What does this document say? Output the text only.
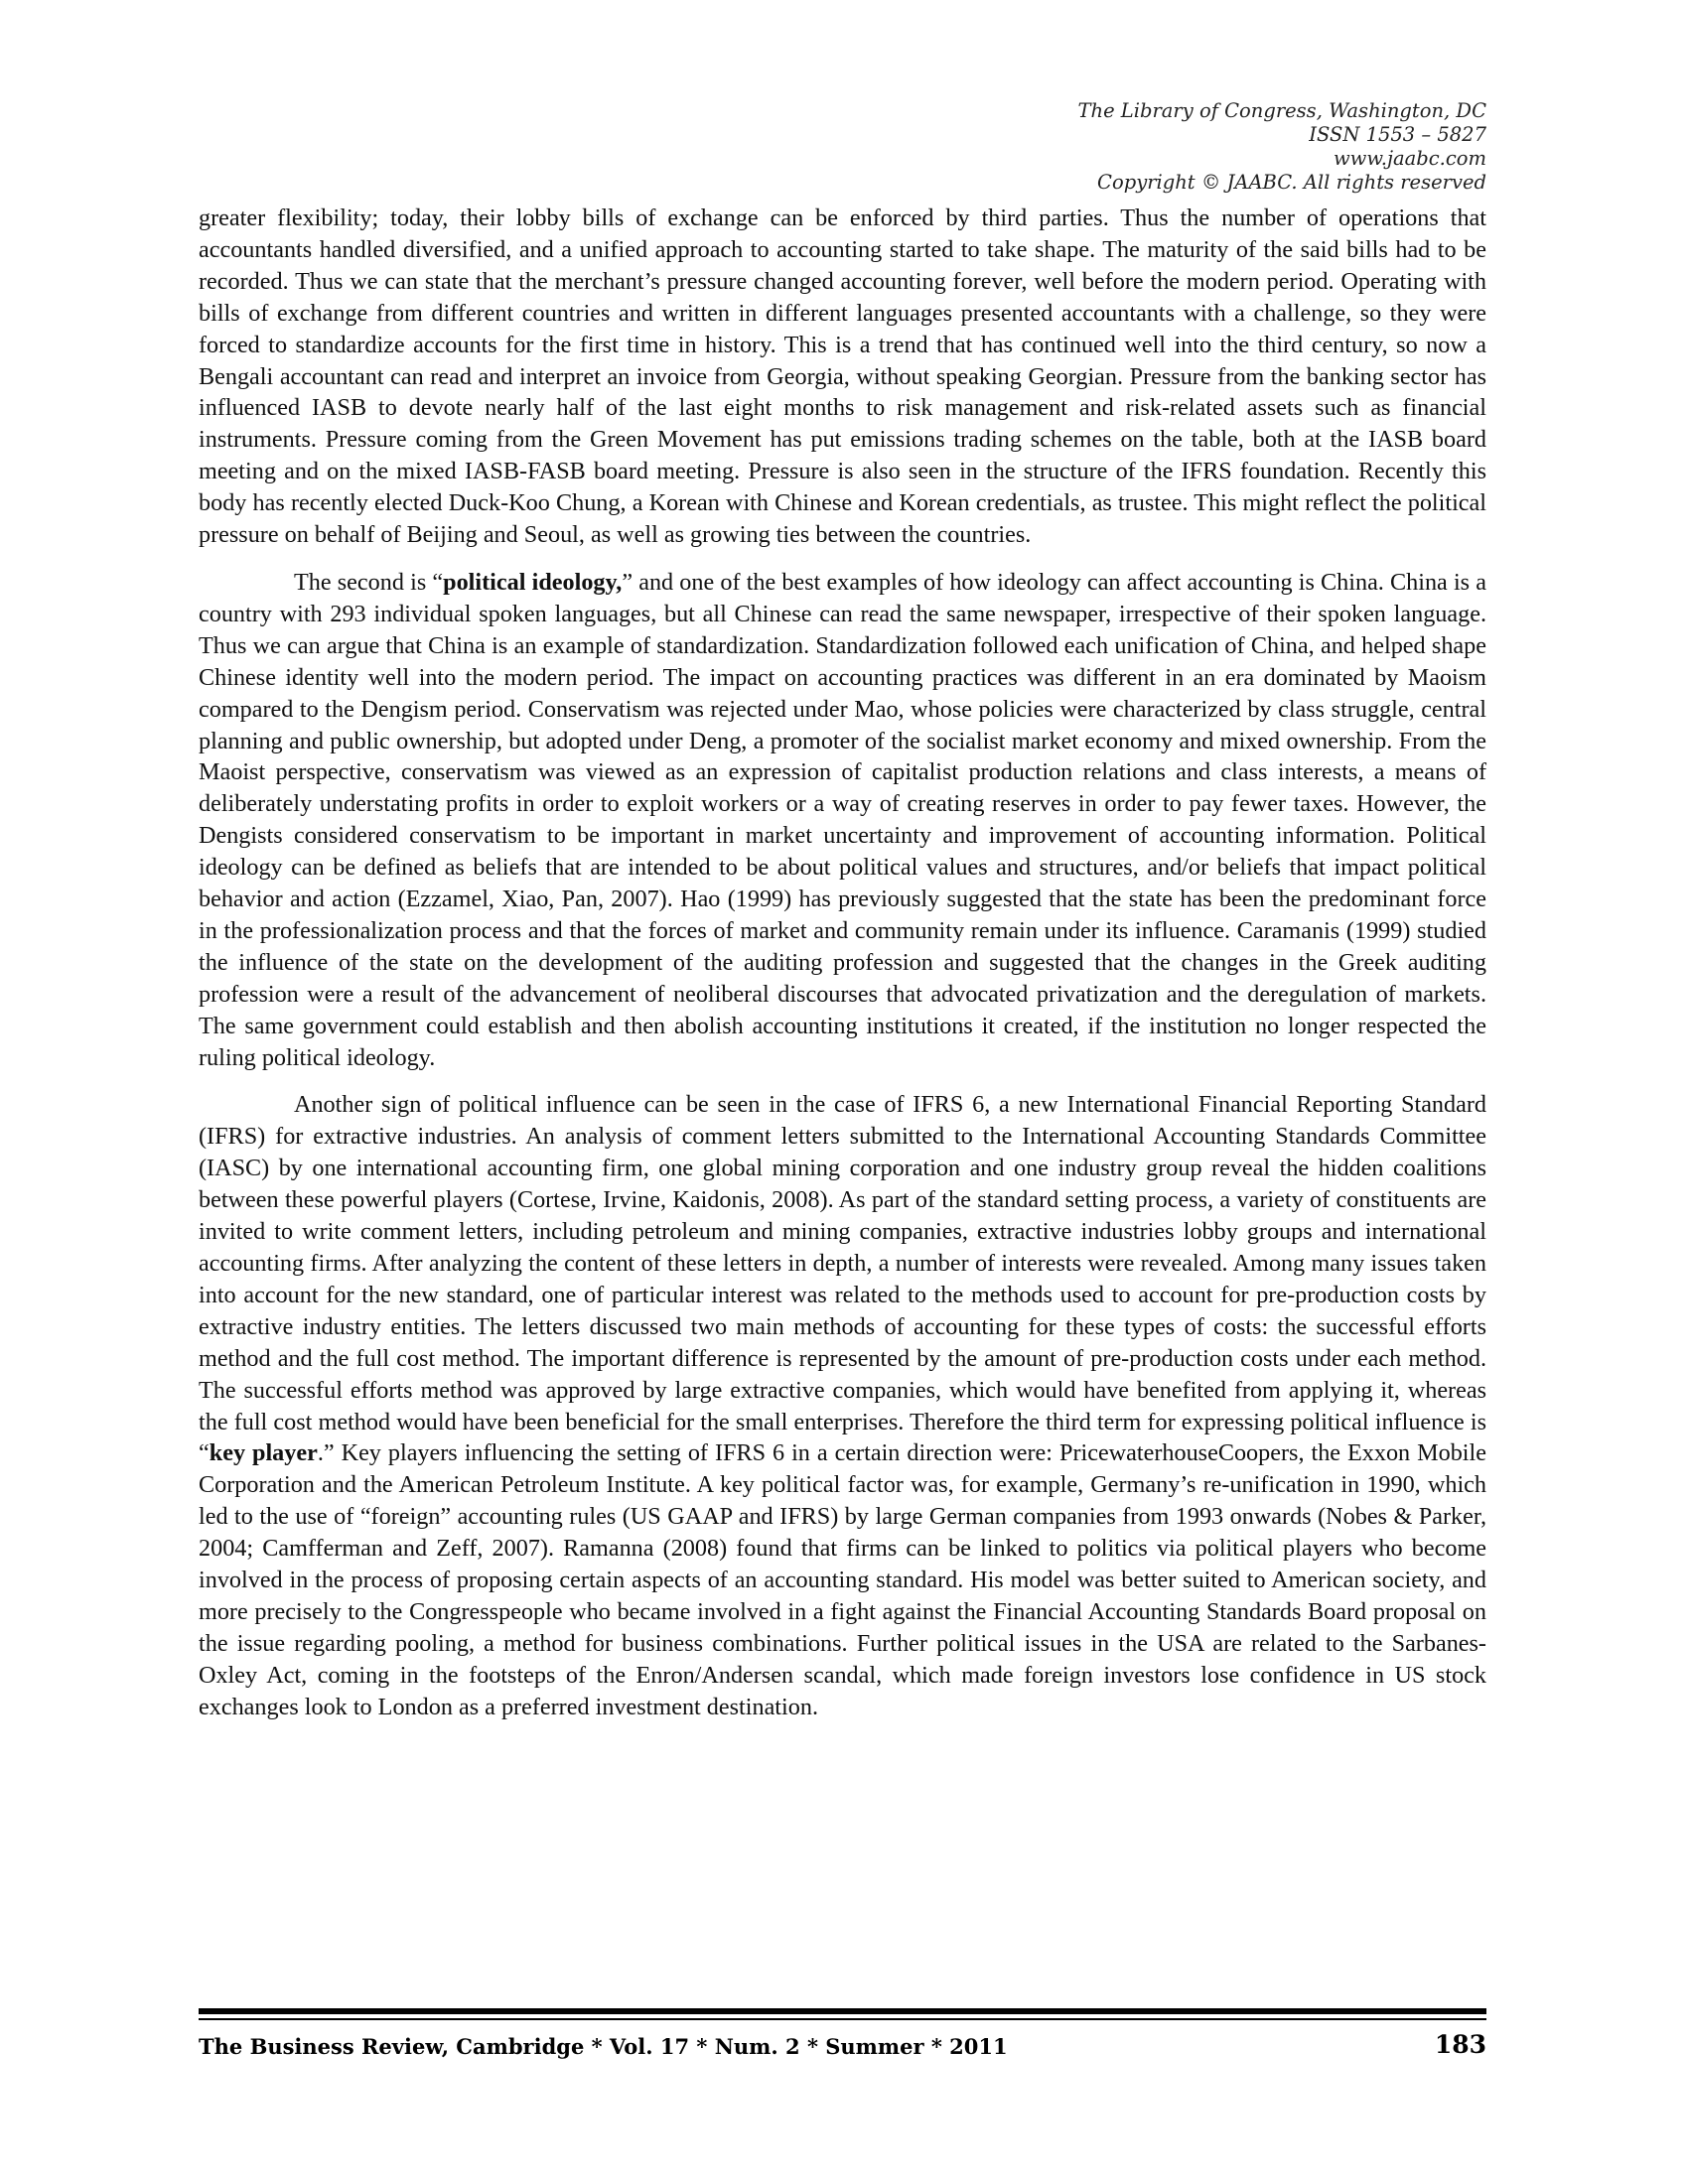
The Library of Congress, Washington, DC
ISSN 1553 – 5827
www.jaabc.com
Copyright © JAABC. All rights reserved

greater flexibility; today, their lobby bills of exchange can be enforced by third parties. Thus the number of operations that accountants handled diversified, and a unified approach to accounting started to take shape. The maturity of the said bills had to be recorded. Thus we can state that the merchant’s pressure changed accounting forever, well before the modern period. Operating with bills of exchange from different countries and written in different languages presented accountants with a challenge, so they were forced to standardize accounts for the first time in history. This is a trend that has continued well into the third century, so now a Bengali accountant can read and interpret an invoice from Georgia, without speaking Georgian. Pressure from the banking sector has influenced IASB to devote nearly half of the last eight months to risk management and risk-related assets such as financial instruments. Pressure coming from the Green Movement has put emissions trading schemes on the table, both at the IASB board meeting and on the mixed IASB-FASB board meeting. Pressure is also seen in the structure of the IFRS foundation. Recently this body has recently elected Duck-Koo Chung, a Korean with Chinese and Korean credentials, as trustee. This might reflect the political pressure on behalf of Beijing and Seoul, as well as growing ties between the countries.

The second is “political ideology,” and one of the best examples of how ideology can affect accounting is China. China is a country with 293 individual spoken languages, but all Chinese can read the same newspaper, irrespective of their spoken language. Thus we can argue that China is an example of standardization. Standardization followed each unification of China, and helped shape Chinese identity well into the modern period. The impact on accounting practices was different in an era dominated by Maoism compared to the Dengism period. Conservatism was rejected under Mao, whose policies were characterized by class struggle, central planning and public ownership, but adopted under Deng, a promoter of the socialist market economy and mixed ownership. From the Maoist perspective, conservatism was viewed as an expression of capitalist production relations and class interests, a means of deliberately understating profits in order to exploit workers or a way of creating reserves in order to pay fewer taxes. However, the Dengists considered conservatism to be important in market uncertainty and improvement of accounting information. Political ideology can be defined as beliefs that are intended to be about political values and structures, and/or beliefs that impact political behavior and action (Ezzamel, Xiao, Pan, 2007). Hao (1999) has previously suggested that the state has been the predominant force in the professionalization process and that the forces of market and community remain under its influence. Caramanis (1999) studied the influence of the state on the development of the auditing profession and suggested that the changes in the Greek auditing profession were a result of the advancement of neoliberal discourses that advocated privatization and the deregulation of markets. The same government could establish and then abolish accounting institutions it created, if the institution no longer respected the ruling political ideology.

Another sign of political influence can be seen in the case of IFRS 6, a new International Financial Reporting Standard (IFRS) for extractive industries. An analysis of comment letters submitted to the International Accounting Standards Committee (IASC) by one international accounting firm, one global mining corporation and one industry group reveal the hidden coalitions between these powerful players (Cortese, Irvine, Kaidonis, 2008). As part of the standard setting process, a variety of constituents are invited to write comment letters, including petroleum and mining companies, extractive industries lobby groups and international accounting firms. After analyzing the content of these letters in depth, a number of interests were revealed. Among many issues taken into account for the new standard, one of particular interest was related to the methods used to account for pre-production costs by extractive industry entities. The letters discussed two main methods of accounting for these types of costs: the successful efforts method and the full cost method. The important difference is represented by the amount of pre-production costs under each method. The successful efforts method was approved by large extractive companies, which would have benefited from applying it, whereas the full cost method would have been beneficial for the small enterprises. Therefore the third term for expressing political influence is “key player.” Key players influencing the setting of IFRS 6 in a certain direction were: PricewaterhouseCoopers, the Exxon Mobile Corporation and the American Petroleum Institute. A key political factor was, for example, Germany’s re-unification in 1990, which led to the use of “foreign” accounting rules (US GAAP and IFRS) by large German companies from 1993 onwards (Nobes & Parker, 2004; Camfferman and Zeff, 2007). Ramanna (2008) found that firms can be linked to politics via political players who become involved in the process of proposing certain aspects of an accounting standard. His model was better suited to American society, and more precisely to the Congresspeople who became involved in a fight against the Financial Accounting Standards Board proposal on the issue regarding pooling, a method for business combinations. Further political issues in the USA are related to the Sarbanes-Oxley Act, coming in the footsteps of the Enron/Andersen scandal, which made foreign investors lose confidence in US stock exchanges look to London as a preferred investment destination.

The Business Review, Cambridge * Vol. 17 * Num. 2 * Summer * 2011	183
